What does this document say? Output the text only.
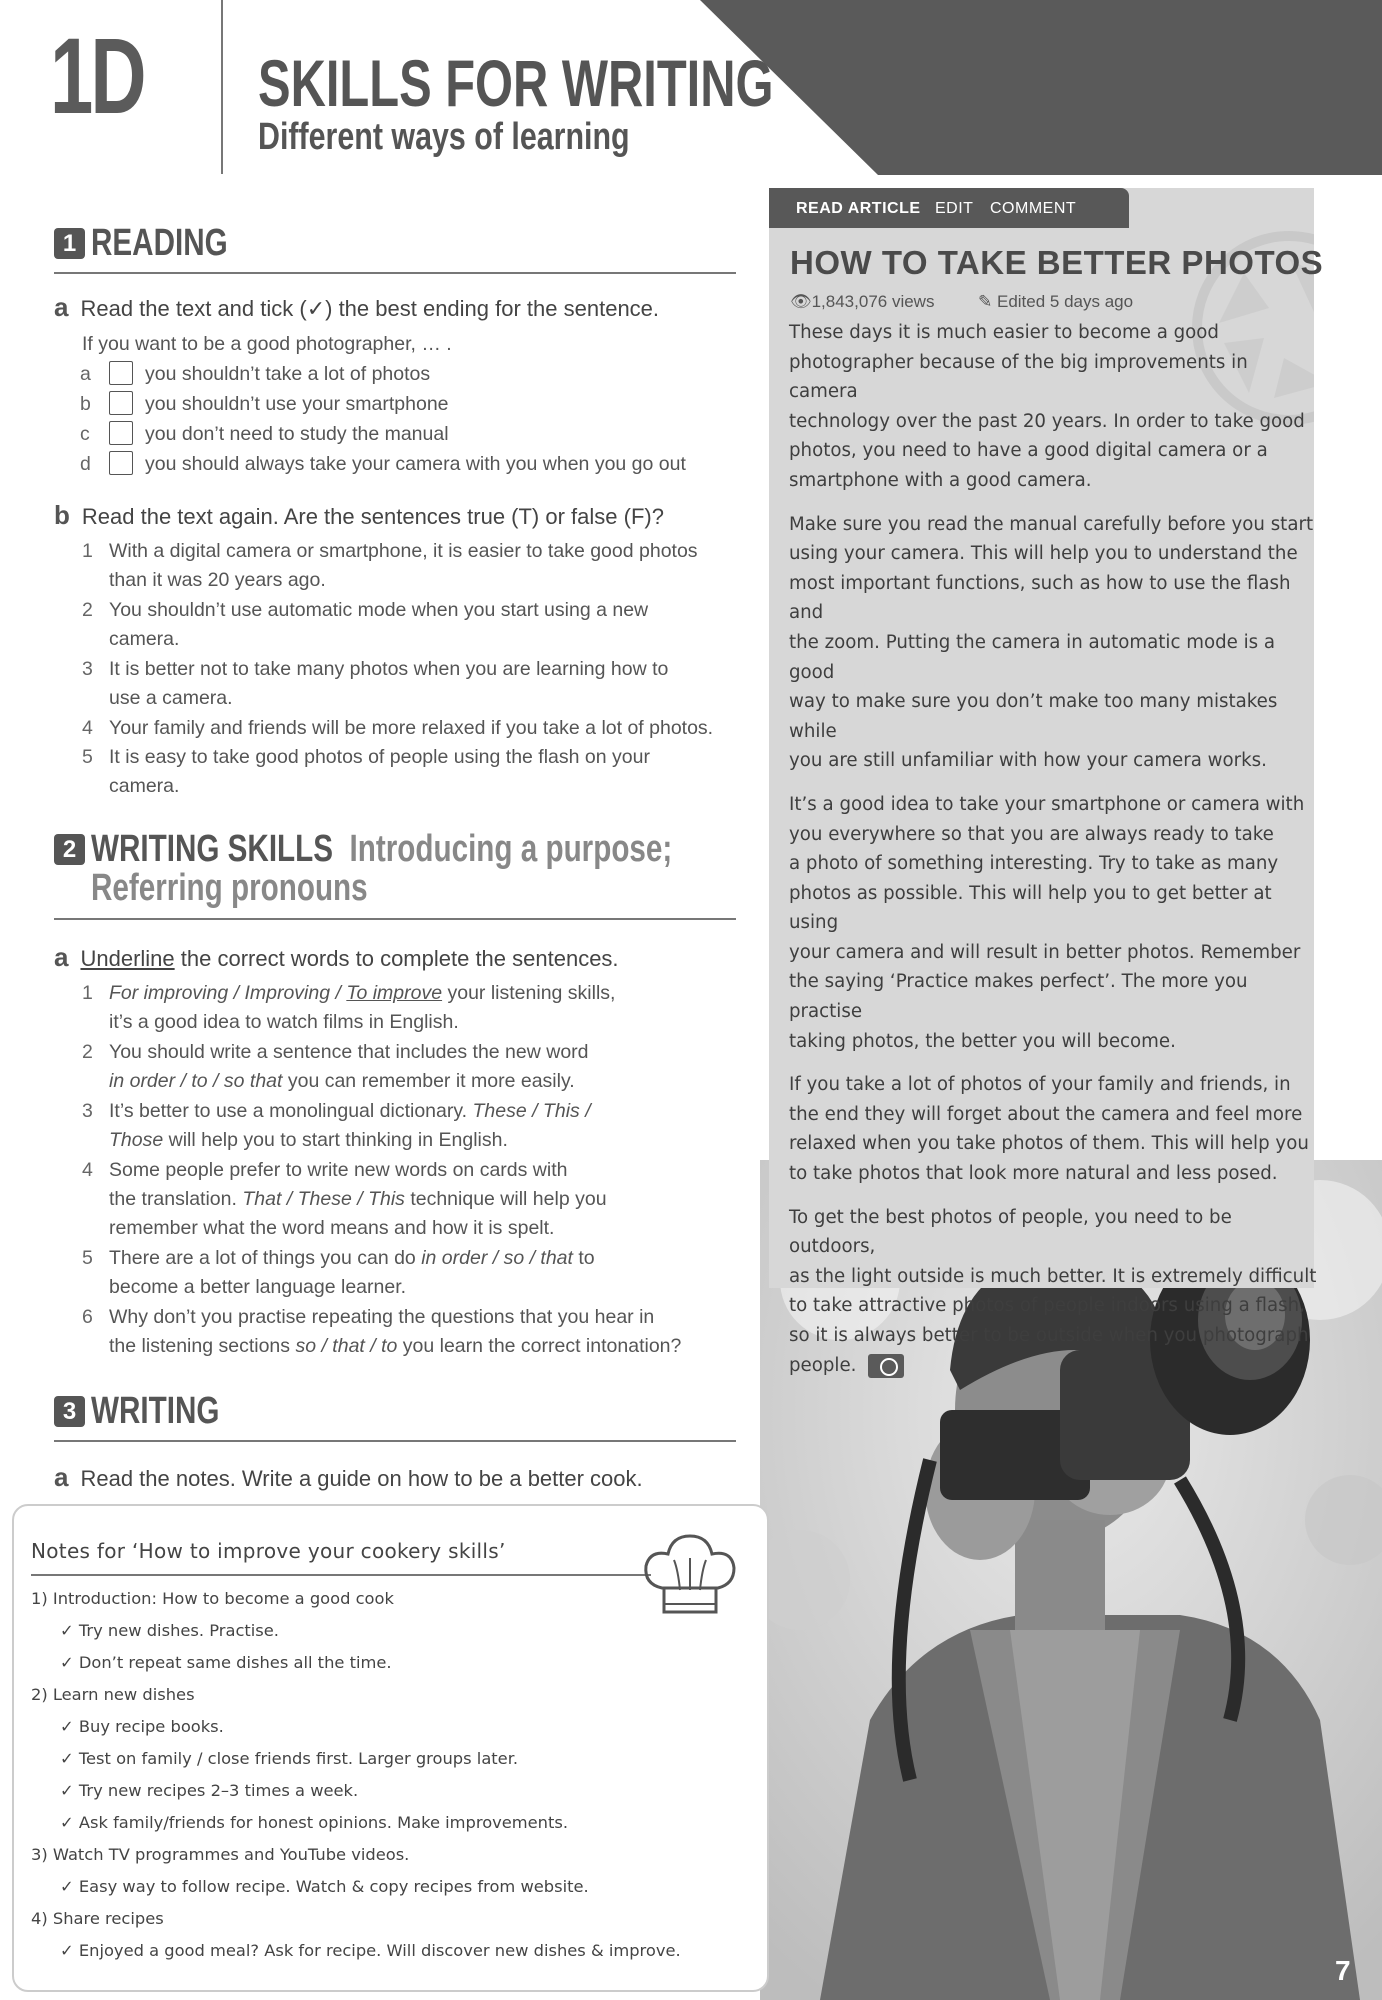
1D SKILLS FOR WRITING
Different ways of learning
1 READING
a Read the text and tick (✓) the best ending for the sentence.
If you want to be a good photographer, … .
a	you shouldn’t take a lot of photos
b	you shouldn’t use your smartphone
c	you don’t need to study the manual
d	you should always take your camera with you when you go out
b Read the text again. Are the sentences true (T) or false (F)?
1 With a digital camera or smartphone, it is easier to take good photos
than it was 20 years ago.
2 You shouldn’t use automatic mode when you start using a new
camera.
3 It is better not to take many photos when you are learning how to
use a camera.
4 Your family and friends will be more relaxed if you take a lot of photos.
5 It is easy to take good photos of people using the flash on your
camera.
2 WRITING SKILLS Introducing a purpose;
Referring pronouns
a Underline the correct words to complete the sentences.
1 For improving / Improving / To improve your listening skills,
it’s a good idea to watch films in English.
2 You should write a sentence that includes the new word
in order / to / so that you can remember it more easily.
3 It’s better to use a monolingual dictionary. These / This /
Those will help you to start thinking in English.
4 Some people prefer to write new words on cards with
the translation. That / These / This technique will help you
remember what the word means and how it is spelt.
5 There are a lot of things you can do in order / so / that to
become a better language learner.
6 Why don’t you practise repeating the questions that you hear in
the listening sections so / that / to you learn the correct intonation?
3 WRITING
a Read the notes. Write a guide on how to be a better cook.
READ ARTICLE EDIT COMMENT
HOW TO TAKE BETTER PHOTOS
👁1,843,076 views	✎ Edited 5 days ago

These days it is much easier to become a good
photographer because of the big improvements in camera
technology over the past 20 years. In order to take good
photos, you need to have a good digital camera or a
smartphone with a good camera.

Make sure you read the manual carefully before you start
using your camera. This will help you to understand the
most important functions, such as how to use the flash and
the zoom. Putting the camera in automatic mode is a good
way to make sure you don’t make too many mistakes while
you are still unfamiliar with how your camera works.

It’s a good idea to take your smartphone or camera with
you everywhere so that you are always ready to take
a photo of something interesting. Try to take as many
photos as possible. This will help you to get better at using
your camera and will result in better photos. Remember
the saying ‘Practice makes perfect’. The more you practise
taking photos, the better you will become.

If you take a lot of photos of your family and friends, in
the end they will forget about the camera and feel more
relaxed when you take photos of them. This will help you
to take photos that look more natural and less posed.

To get the best photos of people, you need to be outdoors,
as the light outside is much better. It is extremely difficult
to take attractive photos of people indoors using a flash,
so it is always better to be outside when you photograph
people.

Notes for ‘How to improve your cookery skills’
1) Introduction: How to become a good cook
✓ Try new dishes. Practise.
✓ Don’t repeat same dishes all the time.
2) Learn new dishes
✓ Buy recipe books.
✓ Test on family / close friends first. Larger groups later.
✓ Try new recipes 2–3 times a week.
✓ Ask family/friends for honest opinions. Make improvements.
3) Watch TV programmes and YouTube videos.
✓ Easy way to follow recipe. Watch & copy recipes from website.
4) Share recipes
✓ Enjoyed a good meal? Ask for recipe. Will discover new dishes & improve.
7
